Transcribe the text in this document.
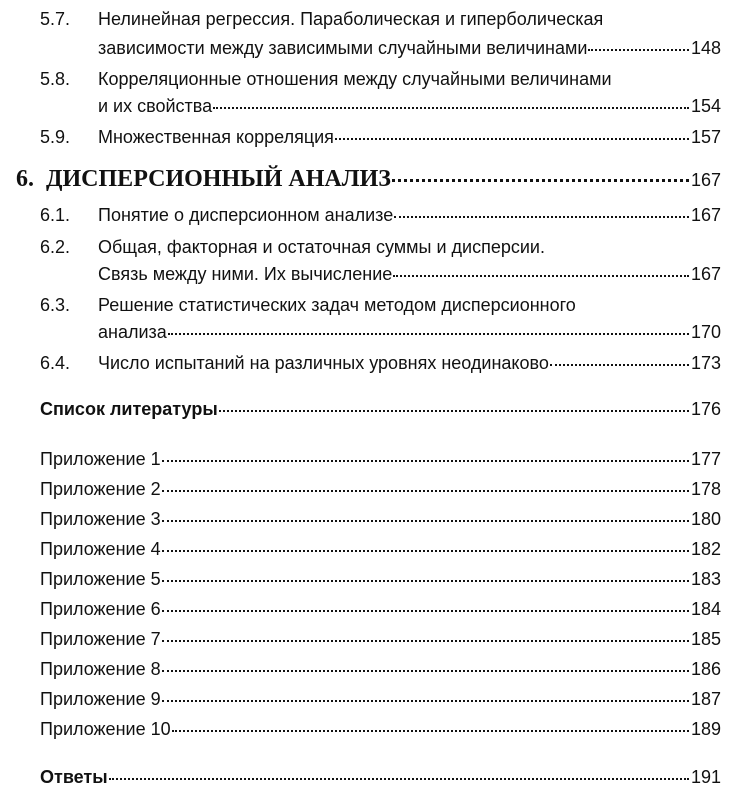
5.7. Нелинейная регрессия. Параболическая и гиперболическая
зависимости между зависимыми случайными величинами	148
5.8. Корреляционные отношения между случайными величинами
и их свойства	154
5.9. Множественная корреляция	157
6. ДИСПЕРСИОННЫЙ АНАЛИЗ	167
6.1. Понятие о дисперсионном анализе	167
6.2. Общая, факторная и остаточная суммы и дисперсии.
Связь между ними. Их вычисление	167
6.3. Решение статистических задач методом дисперсионного
анализа	170
6.4. Число испытаний на различных уровнях неодинаково	173
Список литературы	176
Приложение 1	177
Приложение 2	178
Приложение 3	180
Приложение 4	182
Приложение 5	183
Приложение 6	184
Приложение 7	185
Приложение 8	186
Приложение 9	187
Приложение 10	189
Ответы	191
